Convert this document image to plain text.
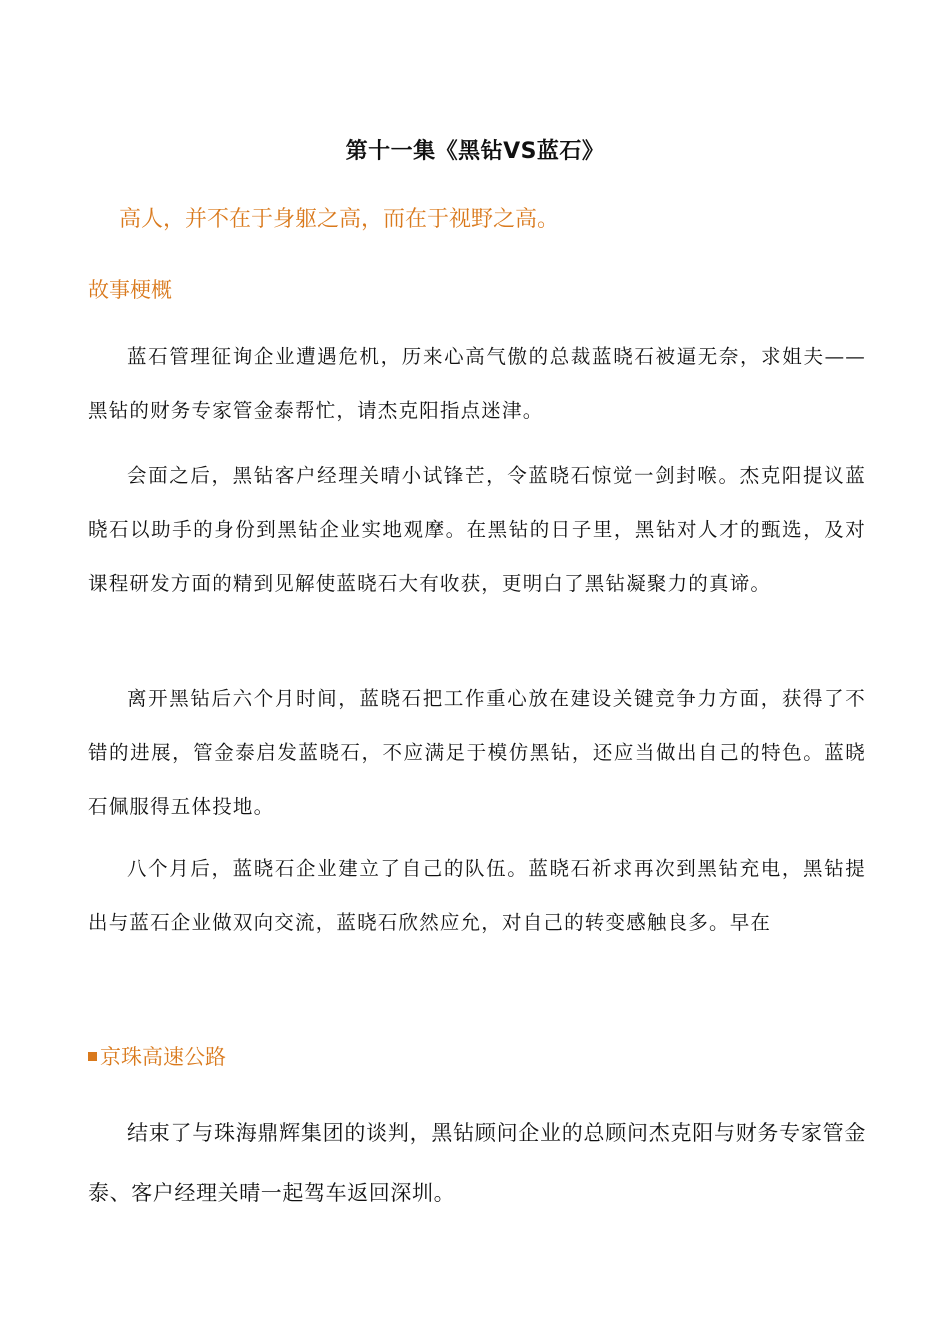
第十一集《黑钻VS蓝石》
高人，并不在于身躯之高，而在于视野之高。
故事梗概

蓝石管理征询企业遭遇危机，历来心高气傲的总裁蓝晓石被逼无奈，求姐夫——黑钻的财务专家管金泰帮忙，请杰克阳指点迷津。

会面之后，黑钻客户经理关晴小试锋芒，令蓝晓石惊觉一剑封喉。杰克阳提议蓝晓石以助手的身份到黑钻企业实地观摩。在黑钻的日子里，黑钻对人才的甄选，及对课程研发方面的精到见解使蓝晓石大有收获，更明白了黑钻凝聚力的真谛。

离开黑钻后六个月时间，蓝晓石把工作重心放在建设关键竞争力方面，获得了不错的进展，管金泰启发蓝晓石，不应满足于模仿黑钻，还应当做出自己的特色。蓝晓石佩服得五体投地。

八个月后，蓝晓石企业建立了自己的队伍。蓝晓石祈求再次到黑钻充电，黑钻提出与蓝石企业做双向交流，蓝晓石欣然应允，对自己的转变感触良多。早在

京珠高速公路

结束了与珠海鼎辉集团的谈判，黑钻顾问企业的总顾问杰克阳与财务专家管金泰、客户经理关晴一起驾车返回深圳。
